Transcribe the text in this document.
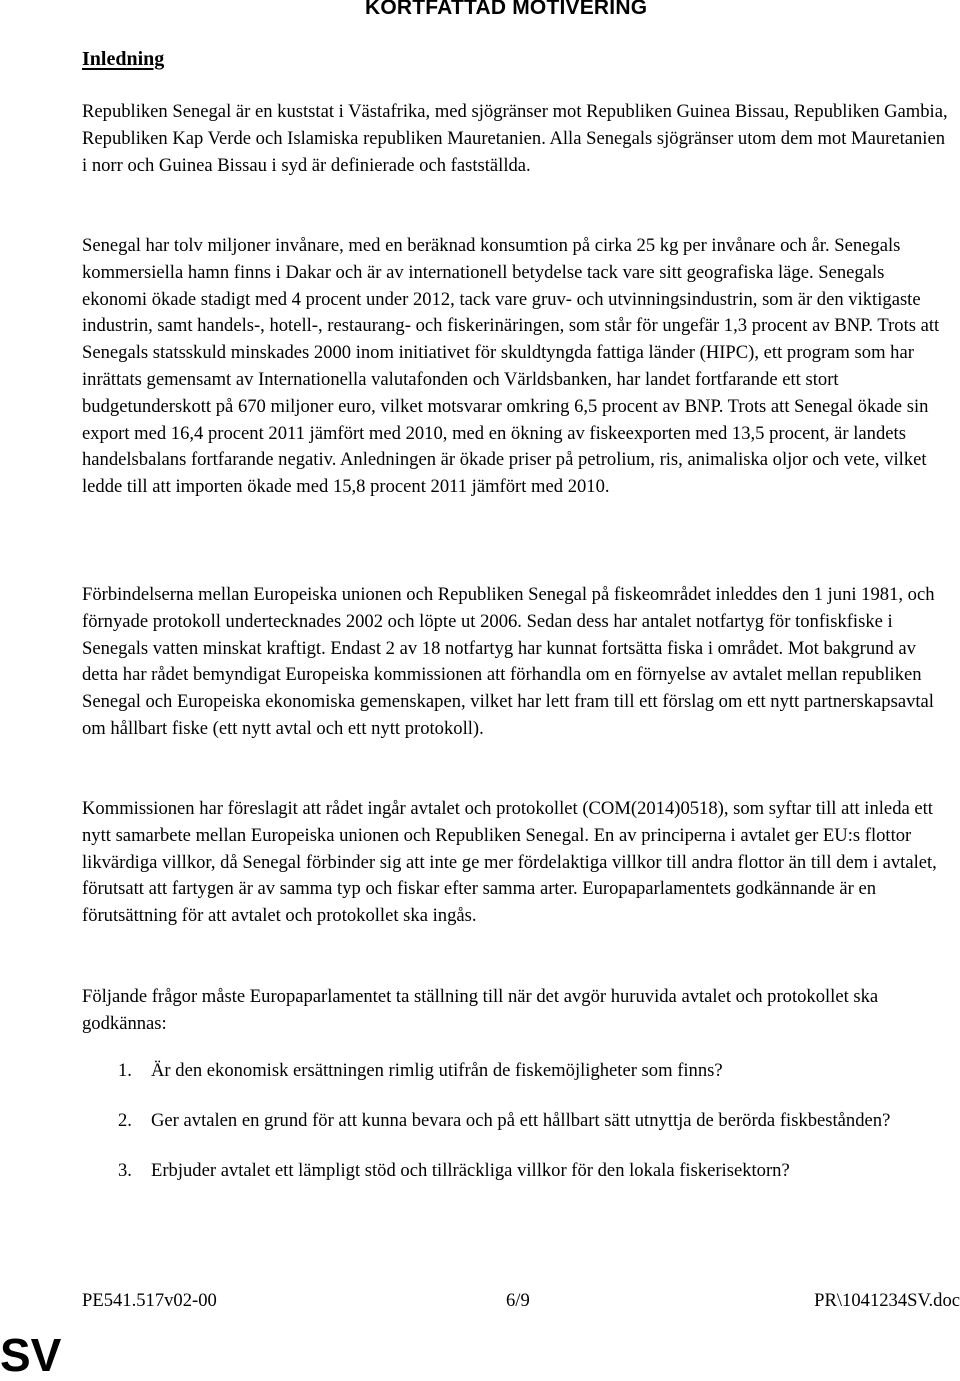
KORTFATTAD MOTIVERING
Inledning

Republiken Senegal är en kuststat i Västafrika, med sjögränser mot Republiken Guinea Bissau, Republiken Gambia, Republiken Kap Verde och Islamiska republiken Mauretanien. Alla Senegals sjögränser utom dem mot Mauretanien i norr och Guinea Bissau i syd är definierade och fastställda.

Senegal har tolv miljoner invånare, med en beräknad konsumtion på cirka 25 kg per invånare och år. Senegals kommersiella hamn finns i Dakar och är av internationell betydelse tack vare sitt geografiska läge. Senegals ekonomi ökade stadigt med 4 procent under 2012, tack vare gruv- och utvinningsindustrin, som är den viktigaste industrin, samt handels-, hotell-, restaurang- och fiskerinäringen, som står för ungefär 1,3 procent av BNP. Trots att Senegals statsskuld minskades 2000 inom initiativet för skuldtyngda fattiga länder (HIPC), ett program som har inrättats gemensamt av Internationella valutafonden och Världsbanken, har landet fortfarande ett stort budgetunderskott på 670 miljoner euro, vilket motsvarar omkring 6,5 procent av BNP. Trots att Senegal ökade sin export med 16,4 procent 2011 jämfört med 2010, med en ökning av fiskeexporten med 13,5 procent, är landets handelsbalans fortfarande negativ. Anledningen är ökade priser på petrolium, ris, animaliska oljor och vete, vilket ledde till att importen ökade med 15,8 procent 2011 jämfört med 2010.

Förbindelserna mellan Europeiska unionen och Republiken Senegal på fiskeområdet inleddes den 1 juni 1981, och förnyade protokoll undertecknades 2002 och löpte ut 2006. Sedan dess har antalet notfartyg för tonfiskfiske i Senegals vatten minskat kraftigt. Endast 2 av 18 notfartyg har kunnat fortsätta fiska i området. Mot bakgrund av detta har rådet bemyndigat Europeiska kommissionen att förhandla om en förnyelse av avtalet mellan republiken Senegal och Europeiska ekonomiska gemenskapen, vilket har lett fram till ett förslag om ett nytt partnerskapsavtal om hållbart fiske (ett nytt avtal och ett nytt protokoll).

Kommissionen har föreslagit att rådet ingår avtalet och protokollet (COM(2014)0518), som syftar till att inleda ett nytt samarbete mellan Europeiska unionen och Republiken Senegal. En av principerna i avtalet ger EU:s flottor likvärdiga villkor, då Senegal förbinder sig att inte ge mer fördelaktiga villkor till andra flottor än till dem i avtalet, förutsatt att fartygen är av samma typ och fiskar efter samma arter. Europaparlamentets godkännande är en förutsättning för att avtalet och protokollet ska ingås.

Följande frågor måste Europaparlamentet ta ställning till när det avgör huruvida avtalet och protokollet ska godkännas:

1. Är den ekonomisk ersättningen rimlig utifrån de fiskemöjligheter som finns?
2. Ger avtalen en grund för att kunna bevara och på ett hållbart sätt utnyttja de berörda fiskbestånden?
3. Erbjuder avtalet ett lämpligt stöd och tillräckliga villkor för den lokala fiskerisektorn?
PE541.517v02-00	6/9	PR\1041234SV.doc
SV
